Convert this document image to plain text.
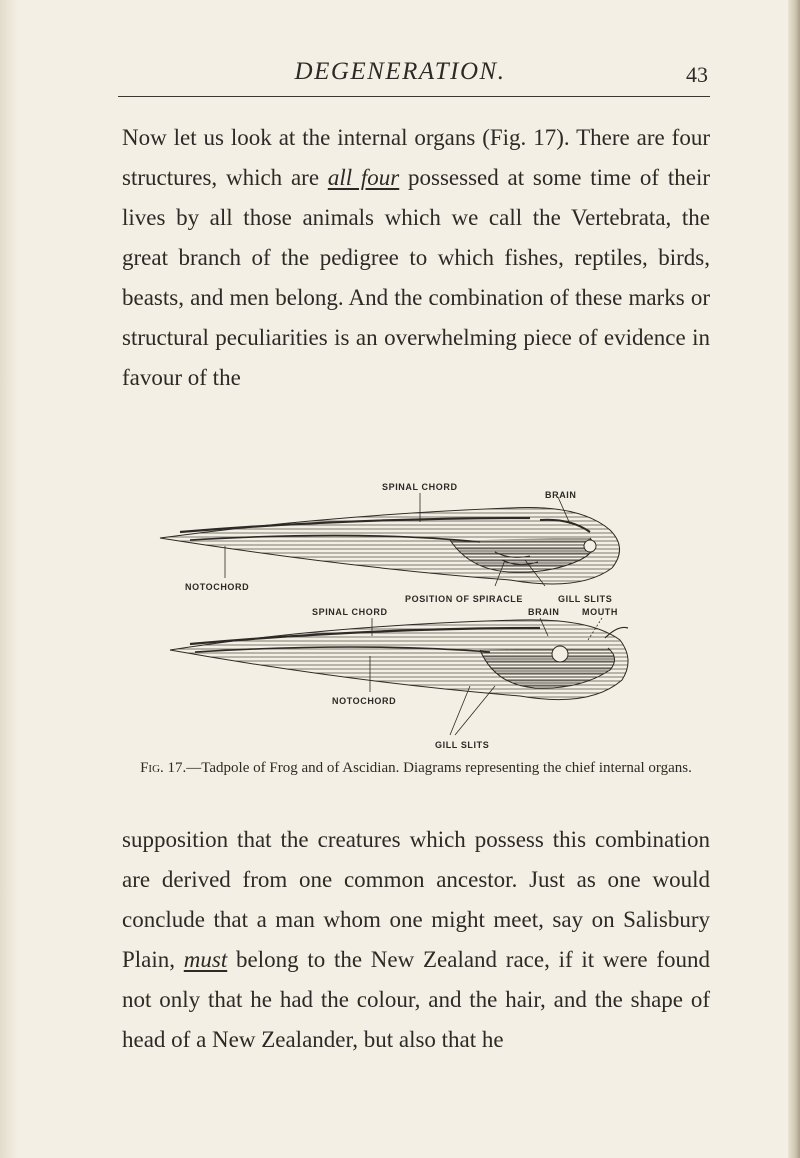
DEGENERATION.	43

Now let us look at the internal organs (Fig. 17). There are four structures, which are all four possessed at some time of their lives by all those animals which we call the Vertebrata, the great branch of the pedigree to which fishes, reptiles, birds, beasts, and men belong. And the combination of these marks or structural peculiarities is an overwhelming piece of evidence in favour of the

SPINAL CHORD
BRAIN
NOTOCHORD
POSITION OF SPIRACLE	GILL SLITS
SPINAL CHORD	BRAIN	MOUTH
NOTOCHORD
GILL SLITS

Fig. 17.—Tadpole of Frog and of Ascidian. Diagrams representing the chief internal organs.

supposition that the creatures which possess this combination are derived from one common ancestor. Just as one would conclude that a man whom one might meet, say on Salisbury Plain, must belong to the New Zealand race, if it were found not only that he had the colour, and the hair, and the shape of head of a New Zealander, but also that he
